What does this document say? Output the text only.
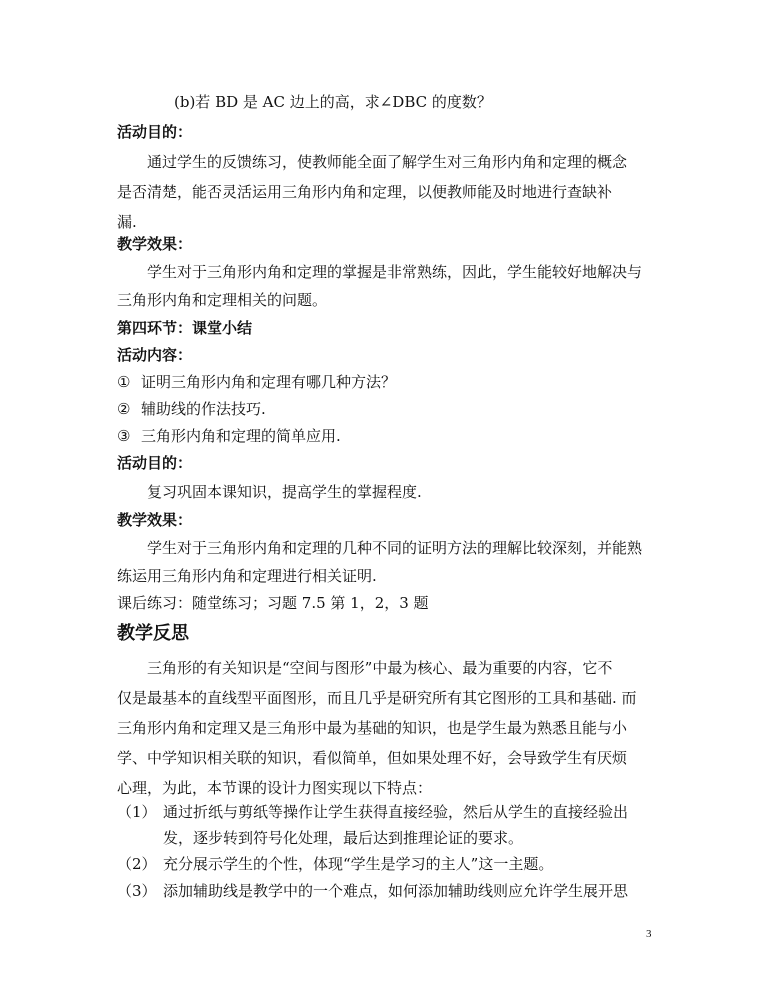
(b)若 BD 是 AC 边上的高，求∠DBC 的度数？
活动目的：
通过学生的反馈练习，使教师能全面了解学生对三角形内角和定理的概念
是否清楚，能否灵活运用三角形内角和定理，以便教师能及时地进行查缺补
漏.
教学效果：
学生对于三角形内角和定理的掌握是非常熟练，因此，学生能较好地解决与
三角形内角和定理相关的问题。
第四环节：课堂小结
活动内容：
① 证明三角形内角和定理有哪几种方法？
② 辅助线的作法技巧.
③ 三角形内角和定理的简单应用.
活动目的：
复习巩固本课知识，提高学生的掌握程度.
教学效果：
学生对于三角形内角和定理的几种不同的证明方法的理解比较深刻，并能熟
练运用三角形内角和定理进行相关证明.
课后练习：随堂练习；习题 7.5 第 1，2，3 题
教学反思
三角形的有关知识是“空间与图形”中最为核心、最为重要的内容，它不
仅是最基本的直线型平面图形，而且几乎是研究所有其它图形的工具和基础. 而
三角形内角和定理又是三角形中最为基础的知识，也是学生最为熟悉且能与小
学、中学知识相关联的知识，看似简单，但如果处理不好，会导致学生有厌烦
心理，为此，本节课的设计力图实现以下特点：
（1） 通过折纸与剪纸等操作让学生获得直接经验，然后从学生的直接经验出
发，逐步转到符号化处理，最后达到推理论证的要求。
（2） 充分展示学生的个性，体现“学生是学习的主人”这一主题。
（3） 添加辅助线是教学中的一个难点，如何添加辅助线则应允许学生展开思
3
